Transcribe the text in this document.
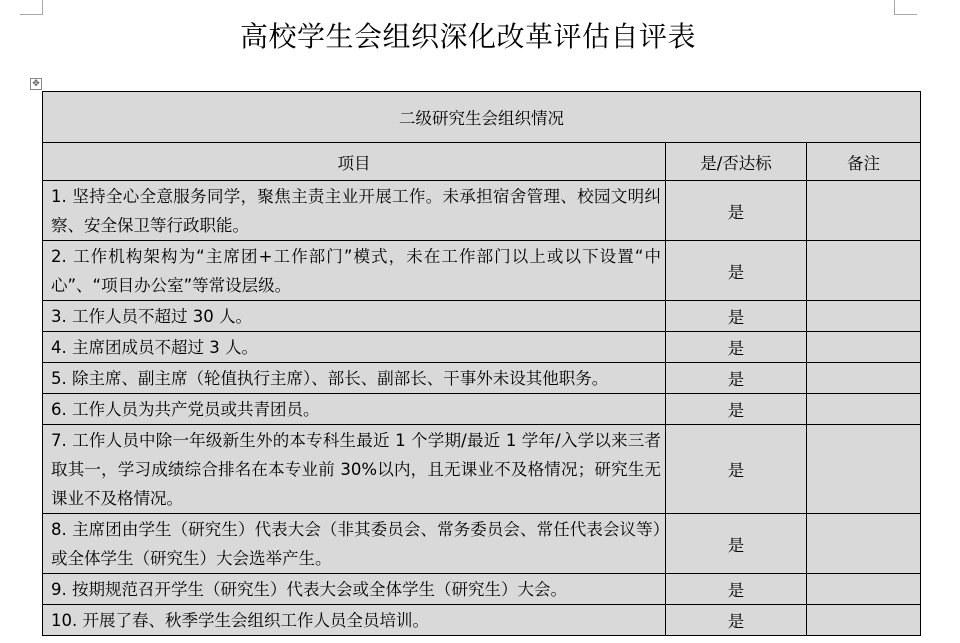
高校学生会组织深化改革评估自评表
✥
二级研究生会组织情况		
项目	是/否达标	备注
1. 坚持全心全意服务同学，聚焦主责主业开展工作。未承担宿舍管理、校园文明纠察、安全保卫等行政职能。	是	
2. 工作机构架构为“主席团+工作部门”模式，未在工作部门以上或以下设置“中心”、“项目办公室”等常设层级。	是	
3. 工作人员不超过 30 人。	是	
4. 主席团成员不超过 3 人。	是	
5. 除主席、副主席（轮值执行主席）、部长、副部长、干事外未设其他职务。	是	
6. 工作人员为共产党员或共青团员。	是	
7. 工作人员中除一年级新生外的本专科生最近 1 个学期/最近 1 学年/入学以来三者取其一，学习成绩综合排名在本专业前 30%以内，且无课业不及格情况；研究生无课业不及格情况。	是	
8. 主席团由学生（研究生）代表大会（非其委员会、常务委员会、常任代表会议等）或全体学生（研究生）大会选举产生。	是	
9. 按期规范召开学生（研究生）代表大会或全体学生（研究生）大会。	是	
10. 开展了春、秋季学生会组织工作人员全员培训。	是	
